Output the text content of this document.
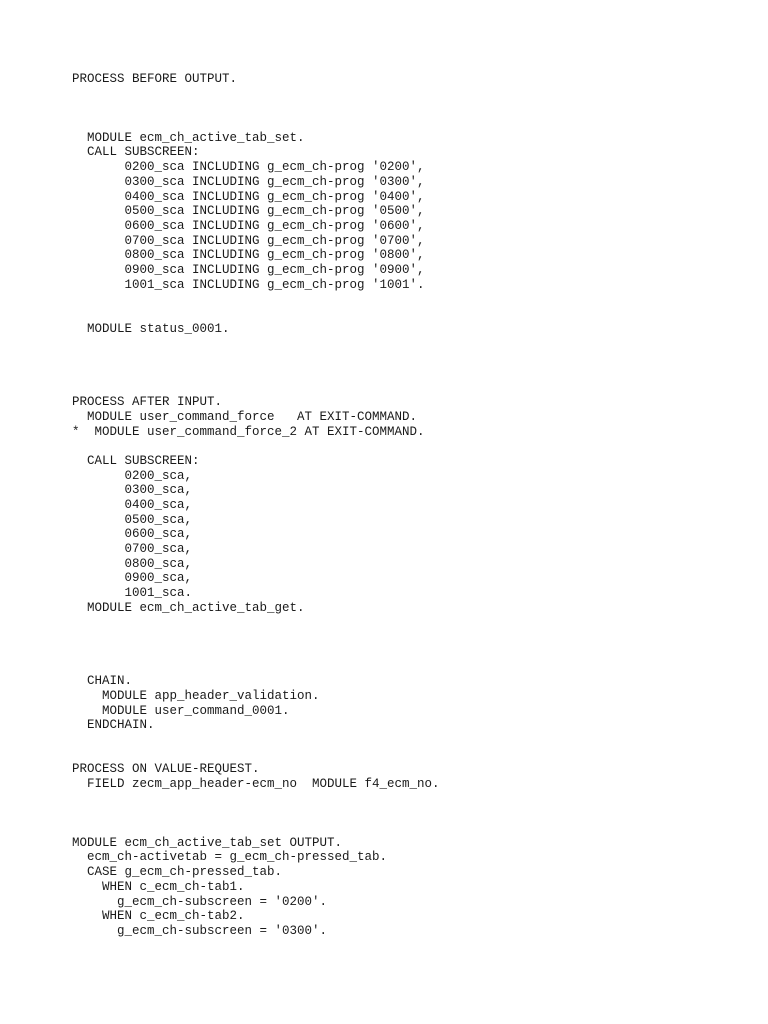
PROCESS BEFORE OUTPUT.
MODULE ecm_ch_active_tab_set.
CALL SUBSCREEN:
0200_sca INCLUDING g_ecm_ch-prog '0200',
0300_sca INCLUDING g_ecm_ch-prog '0300',
0400_sca INCLUDING g_ecm_ch-prog '0400',
0500_sca INCLUDING g_ecm_ch-prog '0500',
0600_sca INCLUDING g_ecm_ch-prog '0600',
0700_sca INCLUDING g_ecm_ch-prog '0700',
0800_sca INCLUDING g_ecm_ch-prog '0800',
0900_sca INCLUDING g_ecm_ch-prog '0900',
1001_sca INCLUDING g_ecm_ch-prog '1001'.
MODULE status_0001.
PROCESS AFTER INPUT.
MODULE user_command_force   AT EXIT-COMMAND.
*  MODULE user_command_force_2 AT EXIT-COMMAND.
CALL SUBSCREEN:
0200_sca,
0300_sca,
0400_sca,
0500_sca,
0600_sca,
0700_sca,
0800_sca,
0900_sca,
1001_sca.
MODULE ecm_ch_active_tab_get.
CHAIN.
MODULE app_header_validation.
MODULE user_command_0001.
ENDCHAIN.
PROCESS ON VALUE-REQUEST.
FIELD zecm_app_header-ecm_no  MODULE f4_ecm_no.
MODULE ecm_ch_active_tab_set OUTPUT.
ecm_ch-activetab = g_ecm_ch-pressed_tab.
CASE g_ecm_ch-pressed_tab.
WHEN c_ecm_ch-tab1.
g_ecm_ch-subscreen = '0200'.
WHEN c_ecm_ch-tab2.
g_ecm_ch-subscreen = '0300'.
